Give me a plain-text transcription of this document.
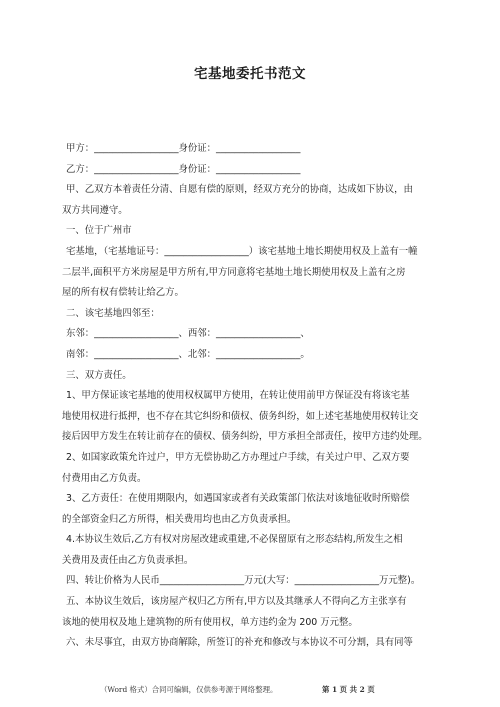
宅基地委托书范文

甲方：__________________身份证：__________________

乙方：__________________身份证：__________________

甲、乙双方本着责任分清、自愿有偿的原则，经双方充分的协商，达成如下协议，由

双方共同遵守。

一、位于广州市

宅基地，（宅基地证号：__________________）该宅基地土地长期使用权及上盖有一幢

二层半,面积平方米房屋是甲方所有,甲方同意将宅基地土地长期使用权及上盖有之房

屋的所有权有偿转让给乙方。

二、该宅基地四邻至：

东邻：__________________、西邻：__________________、

南邻：__________________、北邻：__________________。

三、双方责任。

1、甲方保证该宅基地的使用权权属甲方使用，在转让使用前甲方保证没有将该宅基

地使用权进行抵押，也不存在其它纠纷和债权、债务纠纷，如上述宅基地使用权转让交

接后因甲方发生在转让前存在的债权、债务纠纷，甲方承担全部责任，按甲方违约处理。

2、如国家政策允许过户，甲方无偿协助乙方办理过户手续，有关过户甲、乙双方要

付费用由乙方负责。

3、乙方责任：在使用期限内，如遇国家或者有关政策部门依法对该地征收时所赔偿

的全部资金归乙方所得，相关费用均也由乙方负责承担。

4.本协议生效后,乙方有权对房屋改建或重建,不必保留原有之形态结构,所发生之相

关费用及责任由乙方负责承担。

四、转让价格为人民币__________________万元(大写：__________________万元整)。

五、本协议生效后，该房屋产权归乙方所有,甲方以及其继承人不得向乙方主张享有

该地的使用权及地上建筑物的所有使用权，单方违约金为 200 万元整。

六、未尽事宜，由双方协商解除，所签订的补充和修改与本协议不可分割，具有同等

（Word 格式）合同可编辑，仅供参考源于网络整理。	第 1 页 共 2 页
